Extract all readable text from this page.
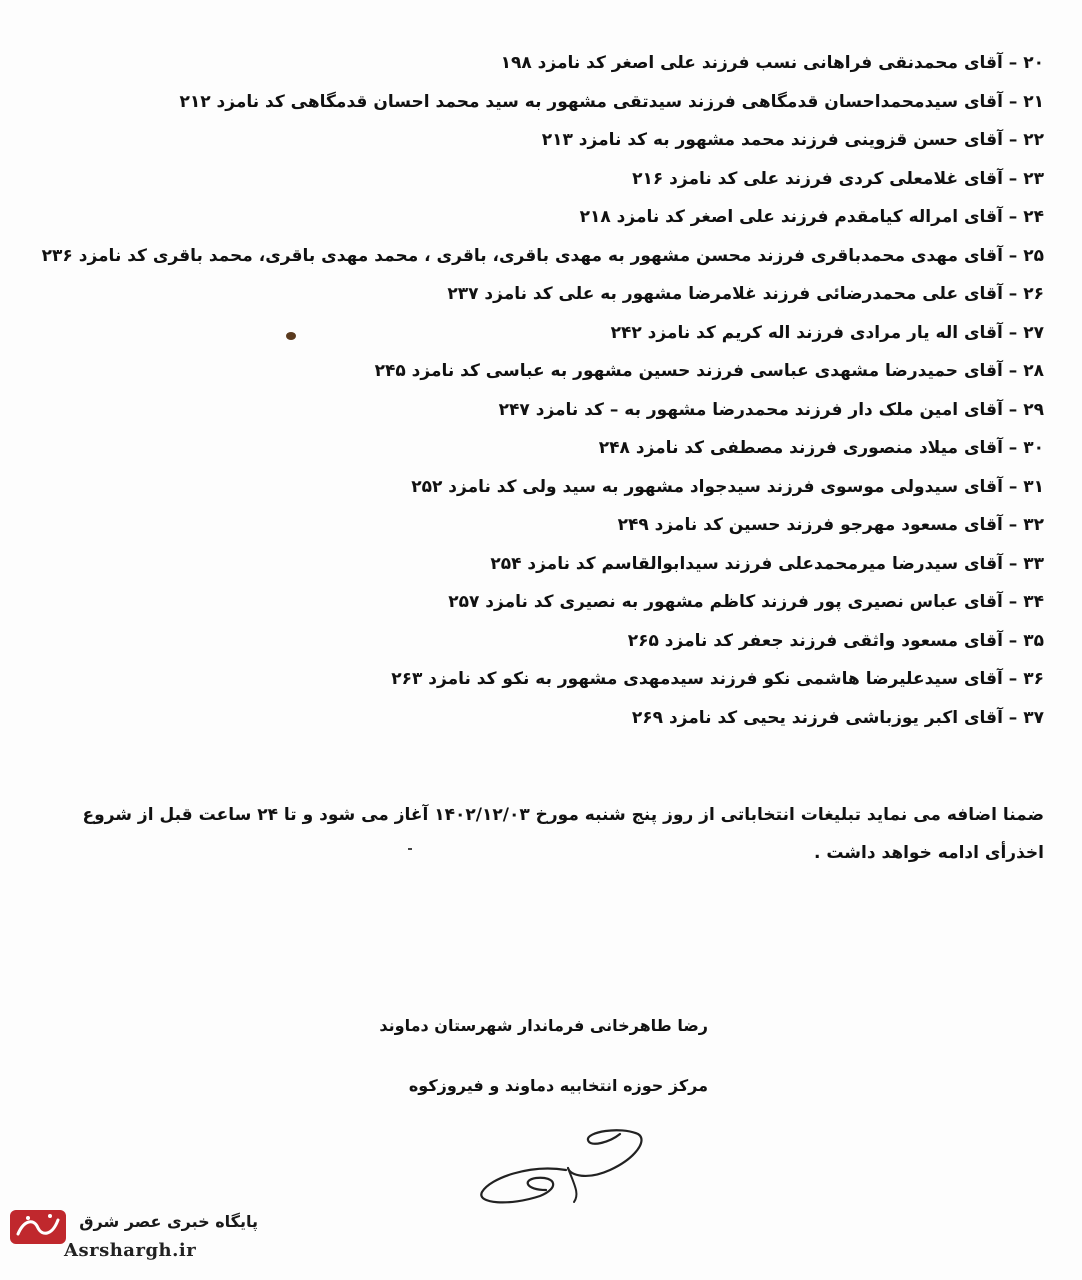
۲۰ – آقای محمدنقی فراهانی نسب فرزند علی اصغر کد نامزد ۱۹۸
۲۱ – آقای سیدمحمداحسان قدمگاهی فرزند سیدتقی مشهور به سید محمد احسان قدمگاهی کد نامزد ۲۱۲
۲۲ – آقای حسن قزوینی فرزند محمد مشهور به کد نامزد ۲۱۳
۲۳ – آقای غلامعلی کردی فرزند علی کد نامزد ۲۱۶
۲۴ – آقای امراله کیامقدم فرزند علی اصغر کد نامزد ۲۱۸
۲۵ – آقای مهدی محمدباقری فرزند محسن مشهور به مهدی باقری، باقری ، محمد مهدی باقری، محمد باقری کد نامزد ۲۳۶
۲۶ – آقای علی محمدرضائی فرزند غلامرضا مشهور به علی کد نامزد ۲۳۷
۲۷ – آقای اله یار مرادی فرزند اله کریم کد نامزد ۲۴۲
۲۸ – آقای حمیدرضا مشهدی عباسی فرزند حسین مشهور به عباسی کد نامزد ۲۴۵
۲۹ – آقای امین ملک دار فرزند محمدرضا مشهور به – کد نامزد ۲۴۷
۳۰ – آقای میلاد منصوری فرزند مصطفی کد نامزد ۲۴۸
۳۱ – آقای سیدولی موسوی فرزند سیدجواد مشهور به سید ولی کد نامزد ۲۵۲
۳۲ – آقای مسعود مهرجو فرزند حسین کد نامزد ۲۴۹
۳۳ – آقای سیدرضا میرمحمدعلی فرزند سیدابوالقاسم کد نامزد ۲۵۴
۳۴ – آقای عباس نصیری پور فرزند کاظم مشهور به نصیری کد نامزد ۲۵۷
۳۵ – آقای مسعود واثقی فرزند جعفر کد نامزد ۲۶۵
۳۶ – آقای سیدعلیرضا هاشمی نکو فرزند سیدمهدی مشهور به نکو کد نامزد ۲۶۳
۳۷ – آقای اکبر یوزباشی فرزند یحیی کد نامزد ۲۶۹

ضمنا اضافه می نماید تبلیغات انتخاباتی از روز پنج شنبه مورخ ۱۴۰۲/۱۲/۰۳ آغاز می شود و تا ۲۴ ساعت قبل از شروع

اخذرأی ادامه خواهد داشت .

رضا طاهرخانی فرماندار شهرستان دماوند
مرکز حوزه انتخابیه دماوند و فیروزکوه
پایگاه خبری عصر شرق
Asrshargh.ir
